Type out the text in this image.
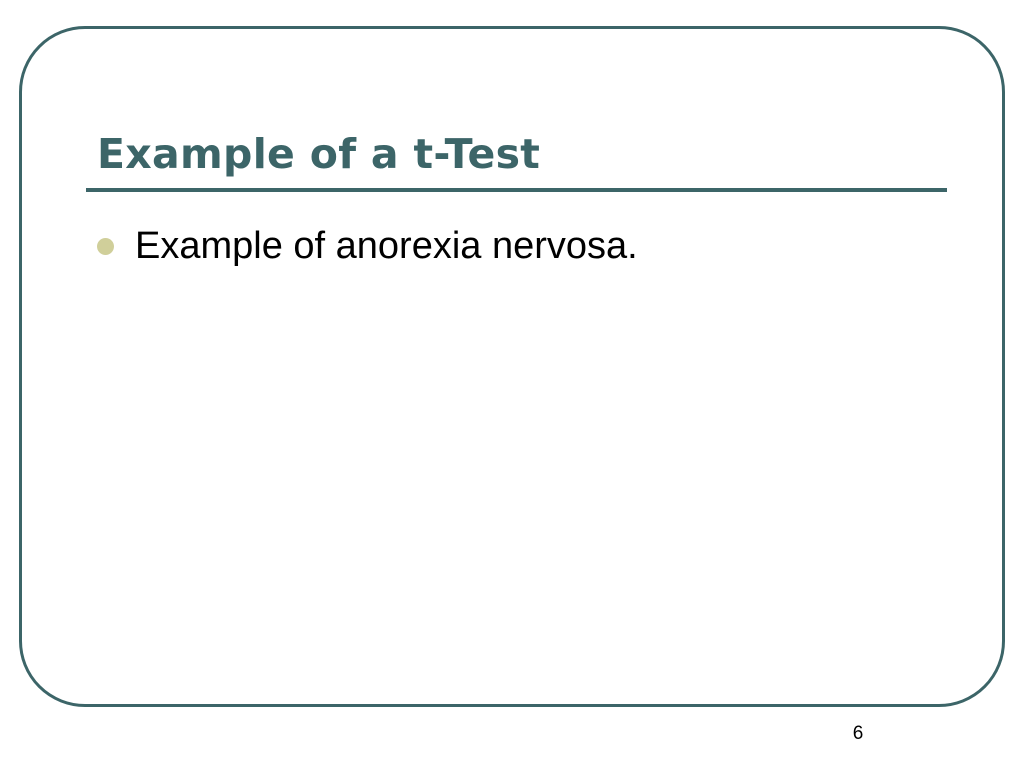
Example of a t-Test
Example of anorexia nervosa.
6
